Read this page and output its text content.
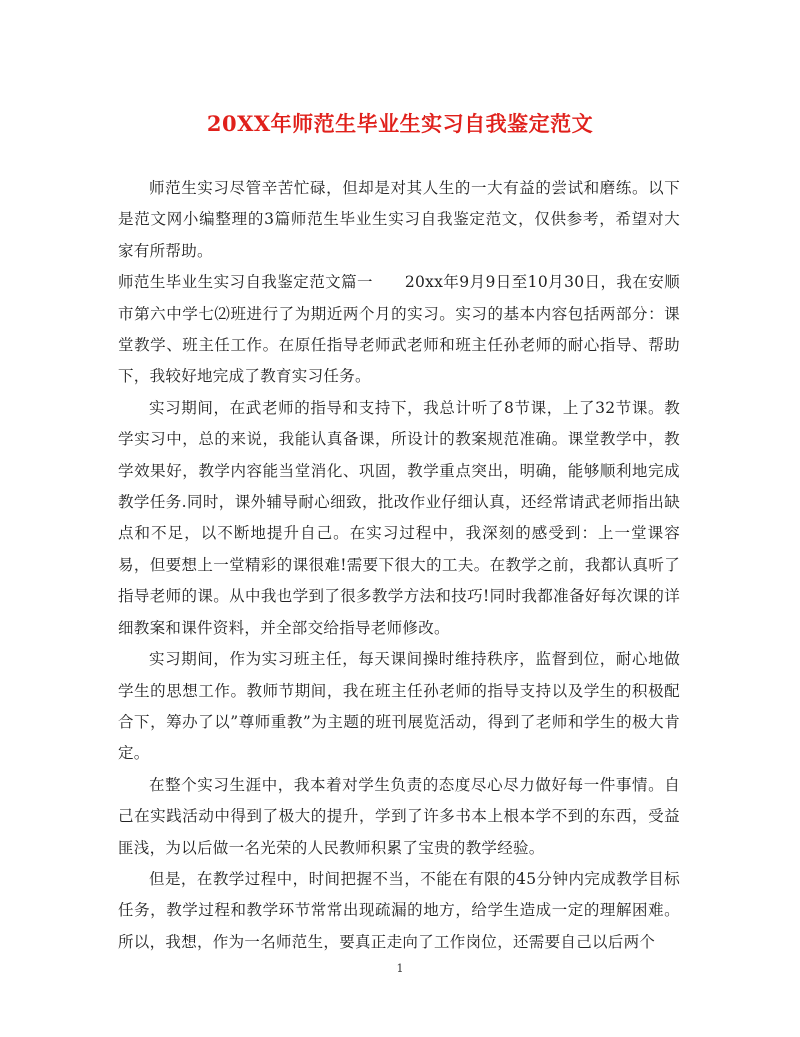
20XX年师范生毕业生实习自我鉴定范文

师范生实习尽管辛苦忙碌，但却是对其人生的一大有益的尝试和磨练。以下是范文网小编整理的3篇师范生毕业生实习自我鉴定范文，仅供参考，希望对大家有所帮助。

师范生毕业生实习自我鉴定范文篇一　　20xx年9月9日至10月30日，我在安顺市第六中学七⑵班进行了为期近两个月的实习。实习的基本内容包括两部分：课堂教学、班主任工作。在原任指导老师武老师和班主任孙老师的耐心指导、帮助下，我较好地完成了教育实习任务。

实习期间，在武老师的指导和支持下，我总计听了8节课，上了32节课。教学实习中，总的来说，我能认真备课，所设计的教案规范准确。课堂教学中，教学效果好，教学内容能当堂消化、巩固，教学重点突出，明确，能够顺利地完成教学任务.同时，课外辅导耐心细致，批改作业仔细认真，还经常请武老师指出缺点和不足，以不断地提升自己。在实习过程中，我深刻的感受到：上一堂课容易，但要想上一堂精彩的课很难!需要下很大的工夫。在教学之前，我都认真听了指导老师的课。从中我也学到了很多教学方法和技巧!同时我都准备好每次课的详细教案和课件资料，并全部交给指导老师修改。

实习期间，作为实习班主任，每天课间操时维持秩序，监督到位，耐心地做学生的思想工作。教师节期间，我在班主任孙老师的指导支持以及学生的积极配合下，筹办了以”尊师重教”为主题的班刊展览活动，得到了老师和学生的极大肯定。

在整个实习生涯中，我本着对学生负责的态度尽心尽力做好每一件事情。自己在实践活动中得到了极大的提升，学到了许多书本上根本学不到的东西，受益匪浅，为以后做一名光荣的人民教师积累了宝贵的教学经验。

但是，在教学过程中，时间把握不当，不能在有限的45分钟内完成教学目标任务，教学过程和教学环节常常出现疏漏的地方，给学生造成一定的理解困难。所以，我想，作为一名师范生，要真正走向了工作岗位，还需要自己以后两个

1
